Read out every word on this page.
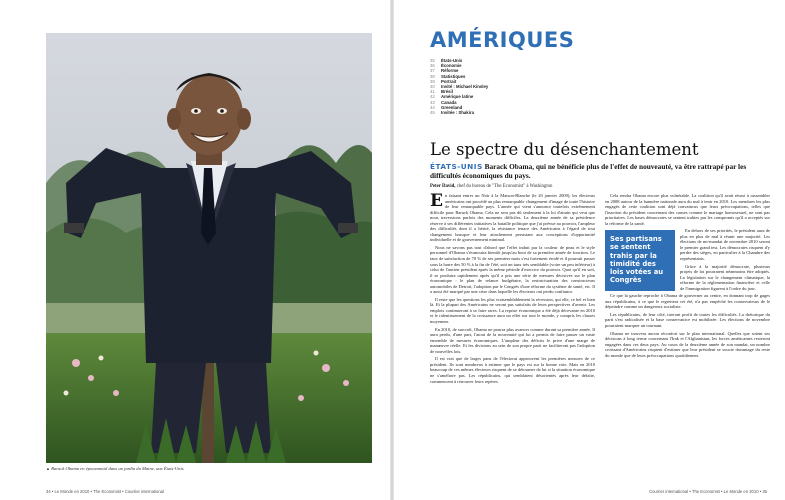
▲ Barack Obama en épouvantail dans un jardin du Maine, aux États-Unis.
34 • Le Monde en 2010 • The Economist • Courrier international
AMÉRIQUES
35	États-Unis
36	Économie
37	Réforme
38	Statistiques
39	Portrait
40	Invité : Michael Kinsley
41	Brésil
42	Amérique latine
43	Canada
44	Greenland
45	Invitée : Shakira
Le spectre du désenchantement

ÉTATS-UNIS Barack Obama, qui ne bénéficie plus de l'effet de nouveauté, va être rattrapé par les difficultés économiques du pays.

Peter David, chef du bureau de "The Economist" à Washington

En faisant entrer un Noir à la Maison-Blanche (le 20 janvier 2009), les électeurs américains ont procédé au plus remarquable changement d'image de toute l'histoire de leur remarquable pays. L'année qui vient s'annonce toutefois extrêmement difficile pour Barack Obama. Cela ne sera pas dû seulement à la loi d'airain qui veut que nous traversions parfois des moments difficiles. La deuxième année de sa présidence réserve à ses différentes initiatives la bataille politique que j'ai prévue au pouvoir, l'ampleur des difficultés dont il a hérité, la résistance tenace des Américains à l'égard de tout changement brusque et leur attachement persistant aux conceptions d'opportunité individuelle et de gouvernement minimal.

Nous ne savons pas tout d'abord que l'effet induit par la couleur de peau et le style personnel d'Obama s'évanouira bientôt jusqu'au bout de sa première année de fonction. Le taux de satisfaction de 70 % de ses premiers mois s'est fortement érodé et il pourrait passer sous la barre des 50 % à la fin de l'été, soit un taux très semblable (voire un peu inférieur) à celui de l'ancien président après la même période d'exercice du pouvoir. Quoi qu'il en soit, il se produira rapidement après qu'il a pris une série de mesures décisives sur le plan économique : le plan de relance budgétaire, la restructuration des constructeurs automobiles de Detroit, l'adoption par le Congrès d'une réforme du système de santé, etc. Il a aussi été marqué par une crise dans laquelle les électeurs ont perdu confiance.

Il reste que les questions les plus vraisemblablement la récession, qui elle, ce bel et bien là. Et la plupart des Américains ne seront pas satisfaits de leurs perspectives d'avenir. Les emplois continueront à se faire rares. La reprise économique a été déjà décevante en 2010 et le ralentissement de la croissance aura un effet sur tout le monde, y compris les classes moyennes.

En 2010, de surcroît, Obama ne pourra plus avancer comme durant sa première année. Il aura perdu, d'une part, l'atout de la nouveauté qui lui a permis de faire passer un vaste ensemble de mesures économiques. L'ampleur des déficits le prive d'une marge de manœuvre réelle. Et les divisions au sein de son propre parti ne faciliteront pas l'adoption de nouvelles lois.

Il est vrai que de larges pans de l'électorat approuvent les premières mesures de ce président. Ils sont nombreux à estimer que le pays est sur la bonne voie. Mais en 2010 beaucoup de ces mêmes électeurs risquent de se détourner de lui si la situation économique ne s'améliore pas. Les républicains, qui semblaient désorientés après leur défaite, commencent à retrouver leurs repères.

Cela rendra Obama encore plus vulnérable. La coalition qu'il avait réussi à rassembler en 2008 autour de la bannière nationale aura du mal à tenir en 2010. Les membres les plus engagés de cette coalition sont déjà convaincus que leurs préoccupations, telles que l'inaction du président concernant des causes comme le mariage homosexuel, ne sont pas prioritaires. Les bases démocrates se sentent trahies par les compromis qu'il a acceptés sur la réforme de la santé.

Ses partisans se sentent trahis par la timidité des lois votées au Congrès

En dehors de ses priorités, le président aura de plus en plus de mal à réunir une majorité. Les élections de mi-mandat de novembre 2010 seront le premier grand test. Les démocrates risquent d'y perdre des sièges, en particulier à la Chambre des représentants.

Grâce à la majorité démocrate, plusieurs projets de loi pourraient néanmoins être adoptés. La législation sur le changement climatique, la réforme de la réglementation financière et celle de l'immigration figurent à l'ordre du jour.

Ce que la gauche reproche à Obama de gouverner au centre, en donnant trop de gages aux républicains, à ce que le regrettera cet été, n'a pas empêché les conservateurs de le dépeindre comme un dangereux socialiste.

Les républicains, de leur côté, tireront profit de toutes les difficultés. La rhétorique du parti s'est radicalisée et la base conservatrice est mobilisée. Les élections de novembre pourraient marquer un tournant.

Obama ne trouvera aucun réconfort sur le plan international. Quelles que soient ses décisions à long terme concernant l'Irak et l'Afghanistan, les forces américaines resteront engagées dans ces deux pays. Au cours de la deuxième année de son mandat, un nombre croissant d'Américains risquent d'estimer que leur président se soucie davantage du reste du monde que de leurs préoccupations quotidiennes.

Courrier international • The Economist • Le Monde en 2010 • 35
